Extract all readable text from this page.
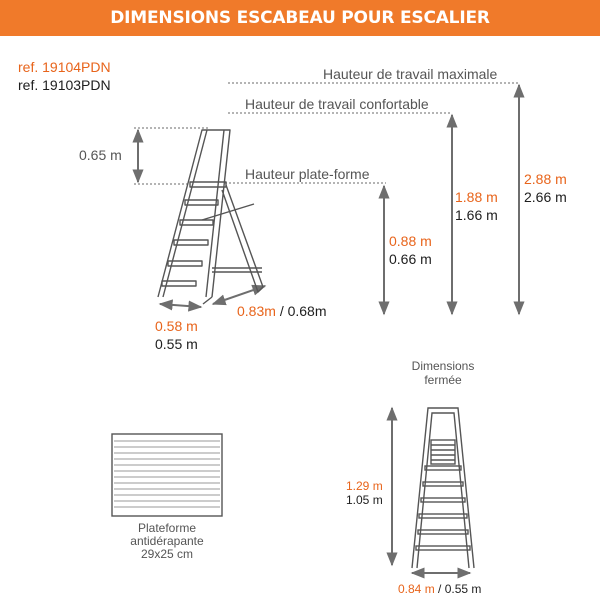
DIMENSIONS ESCABEAU POUR ESCALIER
ref. 19104PDN
ref. 19103PDN
Hauteur de travail maximale
Hauteur de travail confortable
Hauteur plate-forme
0.65 m
2.88 m
2.66 m
1.88 m
1.66 m
0.88 m
0.66 m
0.58 m
0.55 m
0.83m / 0.68m
Dimensions
fermée
1.29 m
1.05 m
0.84 m / 0.55 m
Plateforme
antidérapante
29x25 cm
